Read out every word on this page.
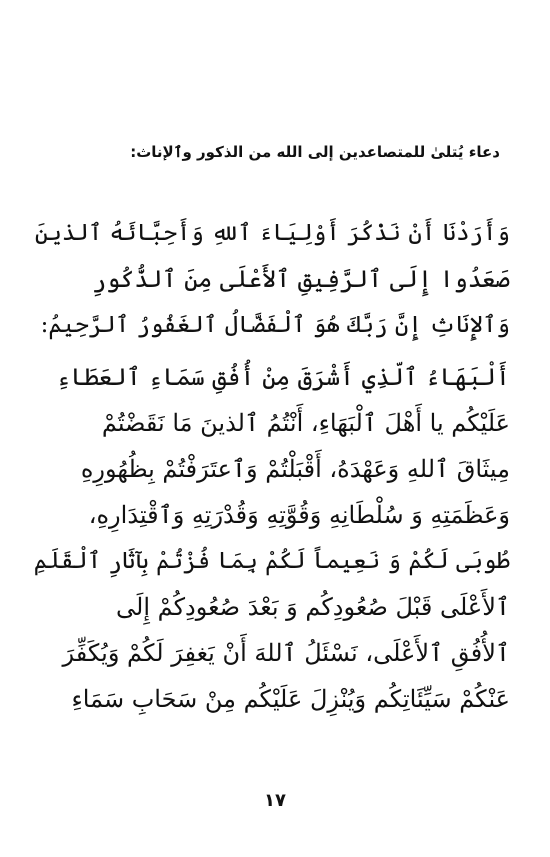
دعاء يُتلىٰ للمتصاعدين إلى الله من الذكور وٱلإناث:
وَأَرَدْنَا أَنْ نَذْكُرَ أَوْلِيَاءَ ٱللهِ وَأَحِبَّائَهُ ٱلذينَ
صَعَدُوا إِلَى ٱلرَّفِيقِ ٱلأَعْلَى مِنَ ٱلذُّكُورِ
وَٱلإِنَاثِ إِنَّ رَبَّكَ هُوَ ٱلْفَضَّالُ ٱلغَفُورُ ٱلرَّحِيمُ:
أَلْبَهَاءُ ٱلّذِي أَشْرَقَ مِنْ أُفُقِ سَمَاءِ ٱلعَطَاءِ
عَلَيْكُم يا أَهْلَ ٱلْبَهَاءِ، أَنْتُمُ ٱلذينَ مَا نَقَضْتُمْ
مِيثَاقَ ٱللهِ وَعَهْدَهُ، أَقْبَلْتُمْ وَٱعتَرَفْتُمْ بِظُهُورِهِ
وَعَظَمَتِهِ وَ سُلْطَانِهِ وَقُوَّتِهِ وَقُدْرَتِهِ وَٱقْتِدَارِهِ،
طُوبَى لَكُمْ وَ نَعِيماً لَكُمْ بِمَا فُزْتُمْ بِآثَارِ ٱلْقَلَمِ
ٱلأَعْلَى قَبْلَ صُعُودِكُم وَ بَعْدَ صُعُودِكُمْ إِلَى
ٱلأُفُقِ ٱلأَعْلَى، نَسْئَلُ ٱللهَ أَنْ يَغفِرَ لَكُمْ وَيُكَفِّرَ
عَنْكُمْ سَيِّئَاتِكُم وَيُنْزِلَ عَلَيْكُم مِنْ سَحَابِ سَمَاءِ
١٧
